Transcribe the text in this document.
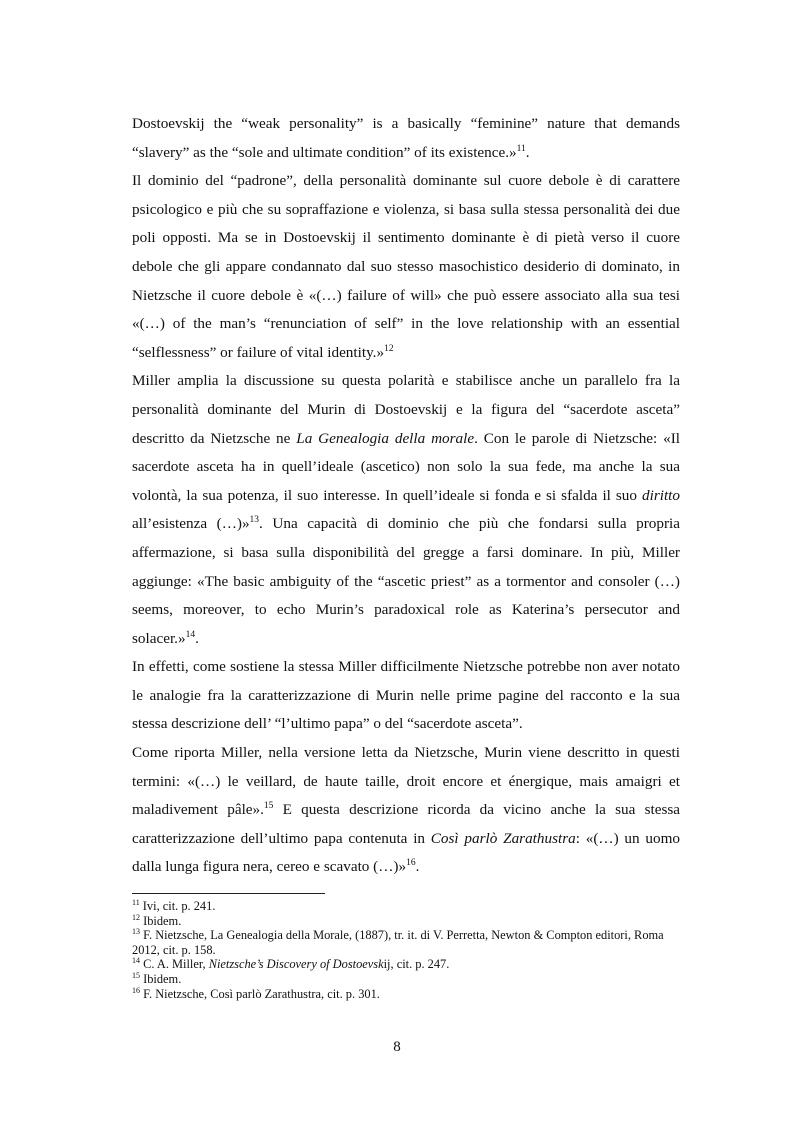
Dostoevskij the “weak personality” is a basically “feminine” nature that demands “slavery” as the “sole and ultimate condition” of its existence.»$^{11}$.

Il dominio del “padrone”, della personalità dominante sul cuore debole è di carattere psicologico e più che su sopraffazione e violenza, si basa sulla stessa personalità dei due poli opposti. Ma se in Dostoevskij il sentimento dominante è di pietà verso il cuore debole che gli appare condannato dal suo stesso masochistico desiderio di dominato, in Nietzsche il cuore debole è «(…) failure of will» che può essere associato alla sua tesi «(…) of the man’s “renunciation of self” in the love relationship with an essential “selflessness” or failure of vital identity.»$^{12}$

Miller amplia la discussione su questa polarità e stabilisce anche un parallelo fra la personalità dominante del Murin di Dostoevskij e la figura del “sacerdote asceta” descritto da Nietzsche ne La Genealogia della morale. Con le parole di Nietzsche: «Il sacerdote asceta ha in quell’ideale (ascetico) non solo la sua fede, ma anche la sua volontà, la sua potenza, il suo interesse. In quell’ideale si fonda e si sfalda il suo diritto all’esistenza (…)»$^{13}$. Una capacità di dominio che più che fondarsi sulla propria affermazione, si basa sulla disponibilità del gregge a farsi dominare. In più, Miller aggiunge: «The basic ambiguity of the “ascetic priest” as a tormentor and consoler (…) seems, moreover, to echo Murin’s paradoxical role as Katerina’s persecutor and solacer.»$^{14}$.

In effetti, come sostiene la stessa Miller difficilmente Nietzsche potrebbe non aver notato le analogie fra la caratterizzazione di Murin nelle prime pagine del racconto e la sua stessa descrizione dell’ “l’ultimo papa” o del “sacerdote asceta”.

Come riporta Miller, nella versione letta da Nietzsche, Murin viene descritto in questi termini: «(…) le veillard, de haute taille, droit encore et énergique, mais amaigri et maladivement pâle».$^{15}$ E questa descrizione ricorda da vicino anche la sua stessa caratterizzazione dell’ultimo papa contenuta in Così parlò Zarathustra: «(…) un uomo dalla lunga figura nera, cereo e scavato (…)»$^{16}$.

$^{11}$ Ivi, cit. p. 241.
$^{12}$ Ibidem.
$^{13}$ F. Nietzsche, La Genealogia della Morale, (1887), tr. it. di V. Perretta, Newton & Compton editori, Roma 2012, cit. p. 158.
$^{14}$ C. A. Miller, Nietzsche’s Discovery of Dostoevskij, cit. p. 247.
$^{15}$ Ibidem.
$^{16}$ F. Nietzsche, Così parlò Zarathustra, cit. p. 301.
8
